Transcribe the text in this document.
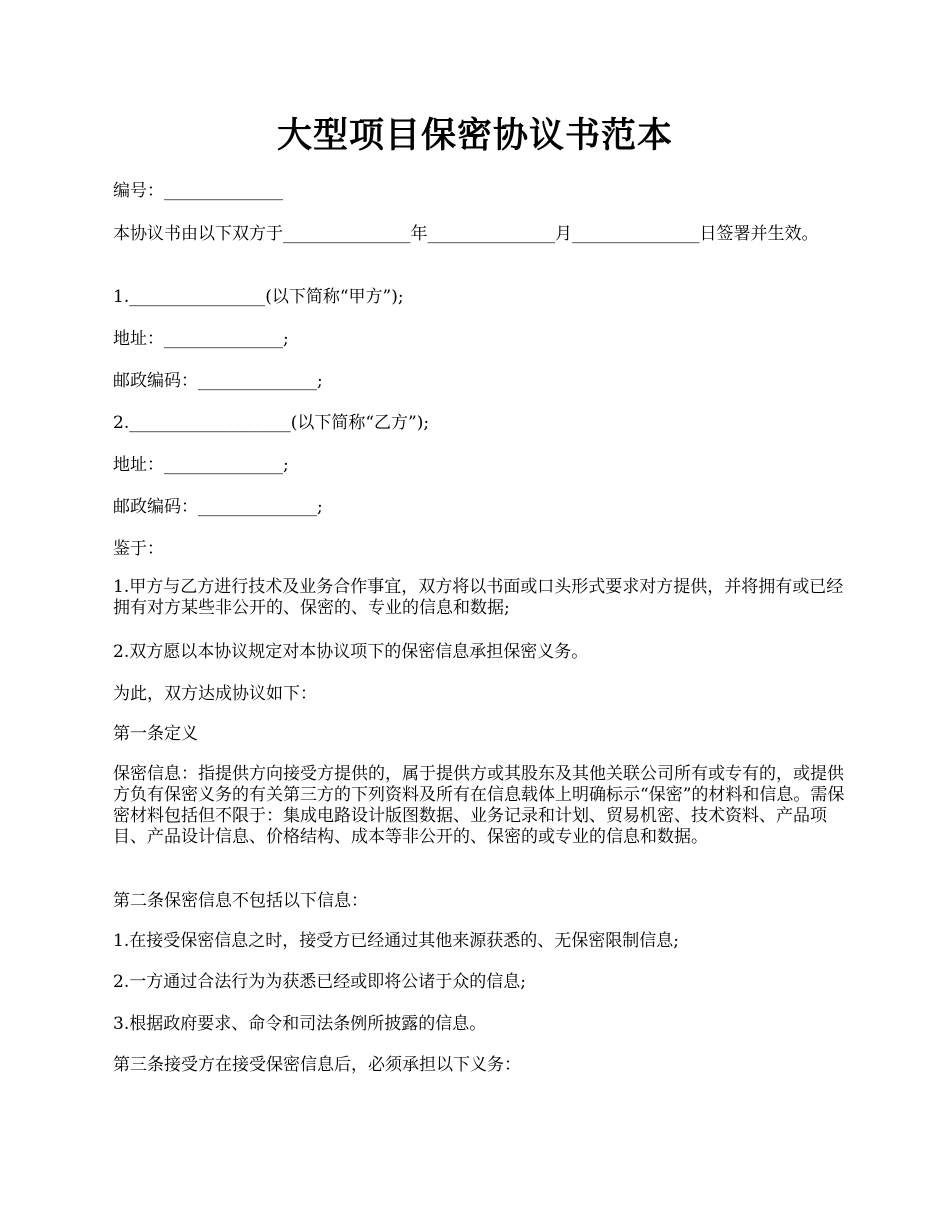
大型项目保密协议书范本

编号：______________

本协议书由以下双方于_______________年_______________月_______________日签署并生效。

1.________________(以下简称“甲方”);

地址：______________;

邮政编码：______________;

2.___________________(以下简称“乙方”);

地址：______________;

邮政编码：______________;

鉴于：

1.甲方与乙方进行技术及业务合作事宜，双方将以书面或口头形式要求对方提供，并将拥有或已经拥有对方某些非公开的、保密的、专业的信息和数据;

2.双方愿以本协议规定对本协议项下的保密信息承担保密义务。

为此，双方达成协议如下：

第一条定义

保密信息：指提供方向接受方提供的，属于提供方或其股东及其他关联公司所有或专有的，或提供方负有保密义务的有关第三方的下列资料及所有在信息载体上明确标示“保密”的材料和信息。需保密材料包括但不限于：集成电路设计版图数据、业务记录和计划、贸易机密、技术资料、产品项目、产品设计信息、价格结构、成本等非公开的、保密的或专业的信息和数据。

第二条保密信息不包括以下信息：

1.在接受保密信息之时，接受方已经通过其他来源获悉的、无保密限制信息;

2.一方通过合法行为为获悉已经或即将公诸于众的信息;

3.根据政府要求、命令和司法条例所披露的信息。

第三条接受方在接受保密信息后，必须承担以下义务：
